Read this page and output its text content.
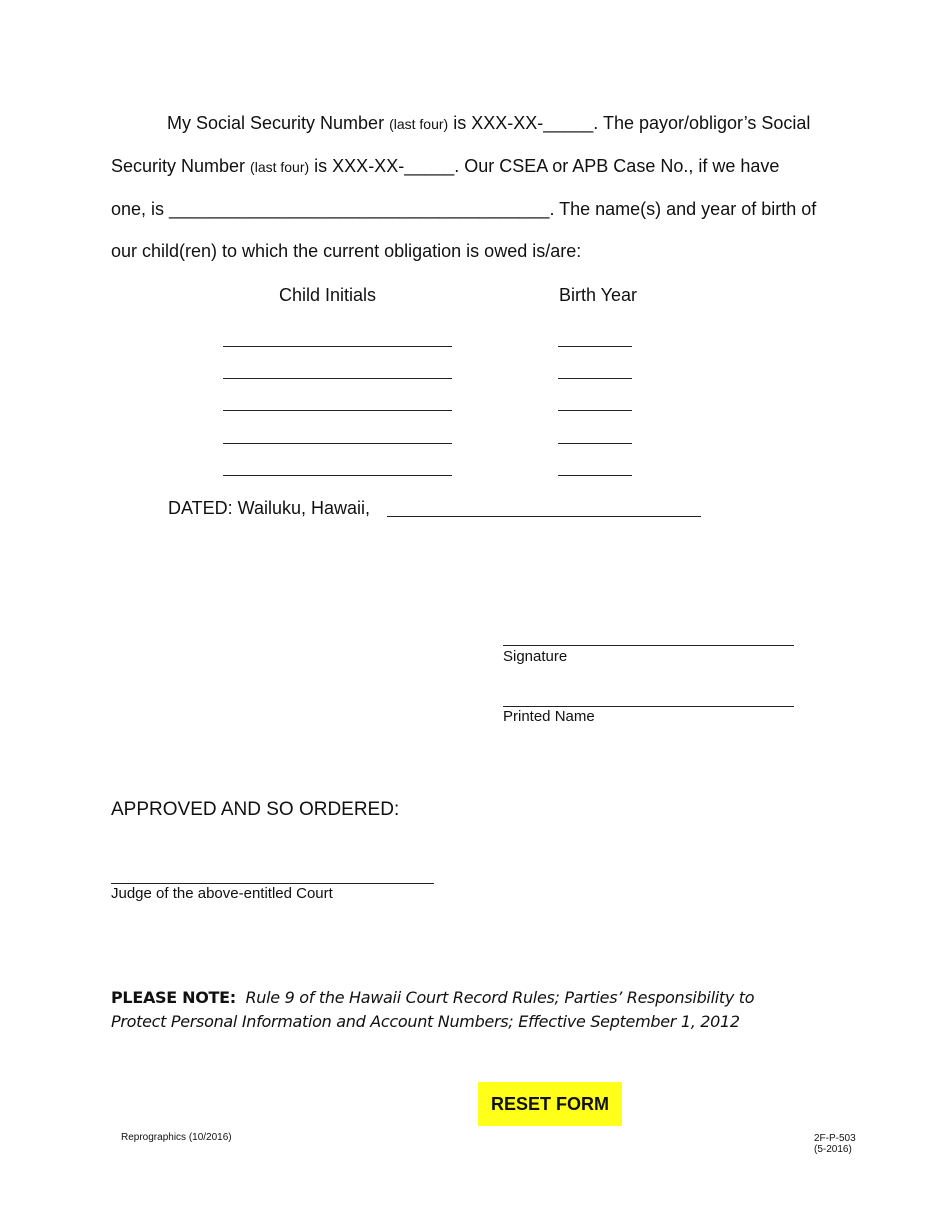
My Social Security Number (last four) is XXX-XX-_____. The payor/obligor’s Social
Security Number (last four) is XXX-XX-_____. Our CSEA or APB Case No., if we have
one, is ______________________________________. The name(s) and year of birth of
our child(ren) to which the current obligation is owed is/are:
Child Initials	Birth Year
DATED: Wailuku, Hawaii,
Signature
Printed Name
APPROVED AND SO ORDERED:
Judge of the above-entitled Court
PLEASE NOTE:  Rule 9 of the Hawaii Court Record Rules; Parties’ Responsibility to
Protect Personal Information and Account Numbers; Effective September 1, 2012
RESET FORM
Reprographics (10/2016)	2F-P-503
(5-2016)
